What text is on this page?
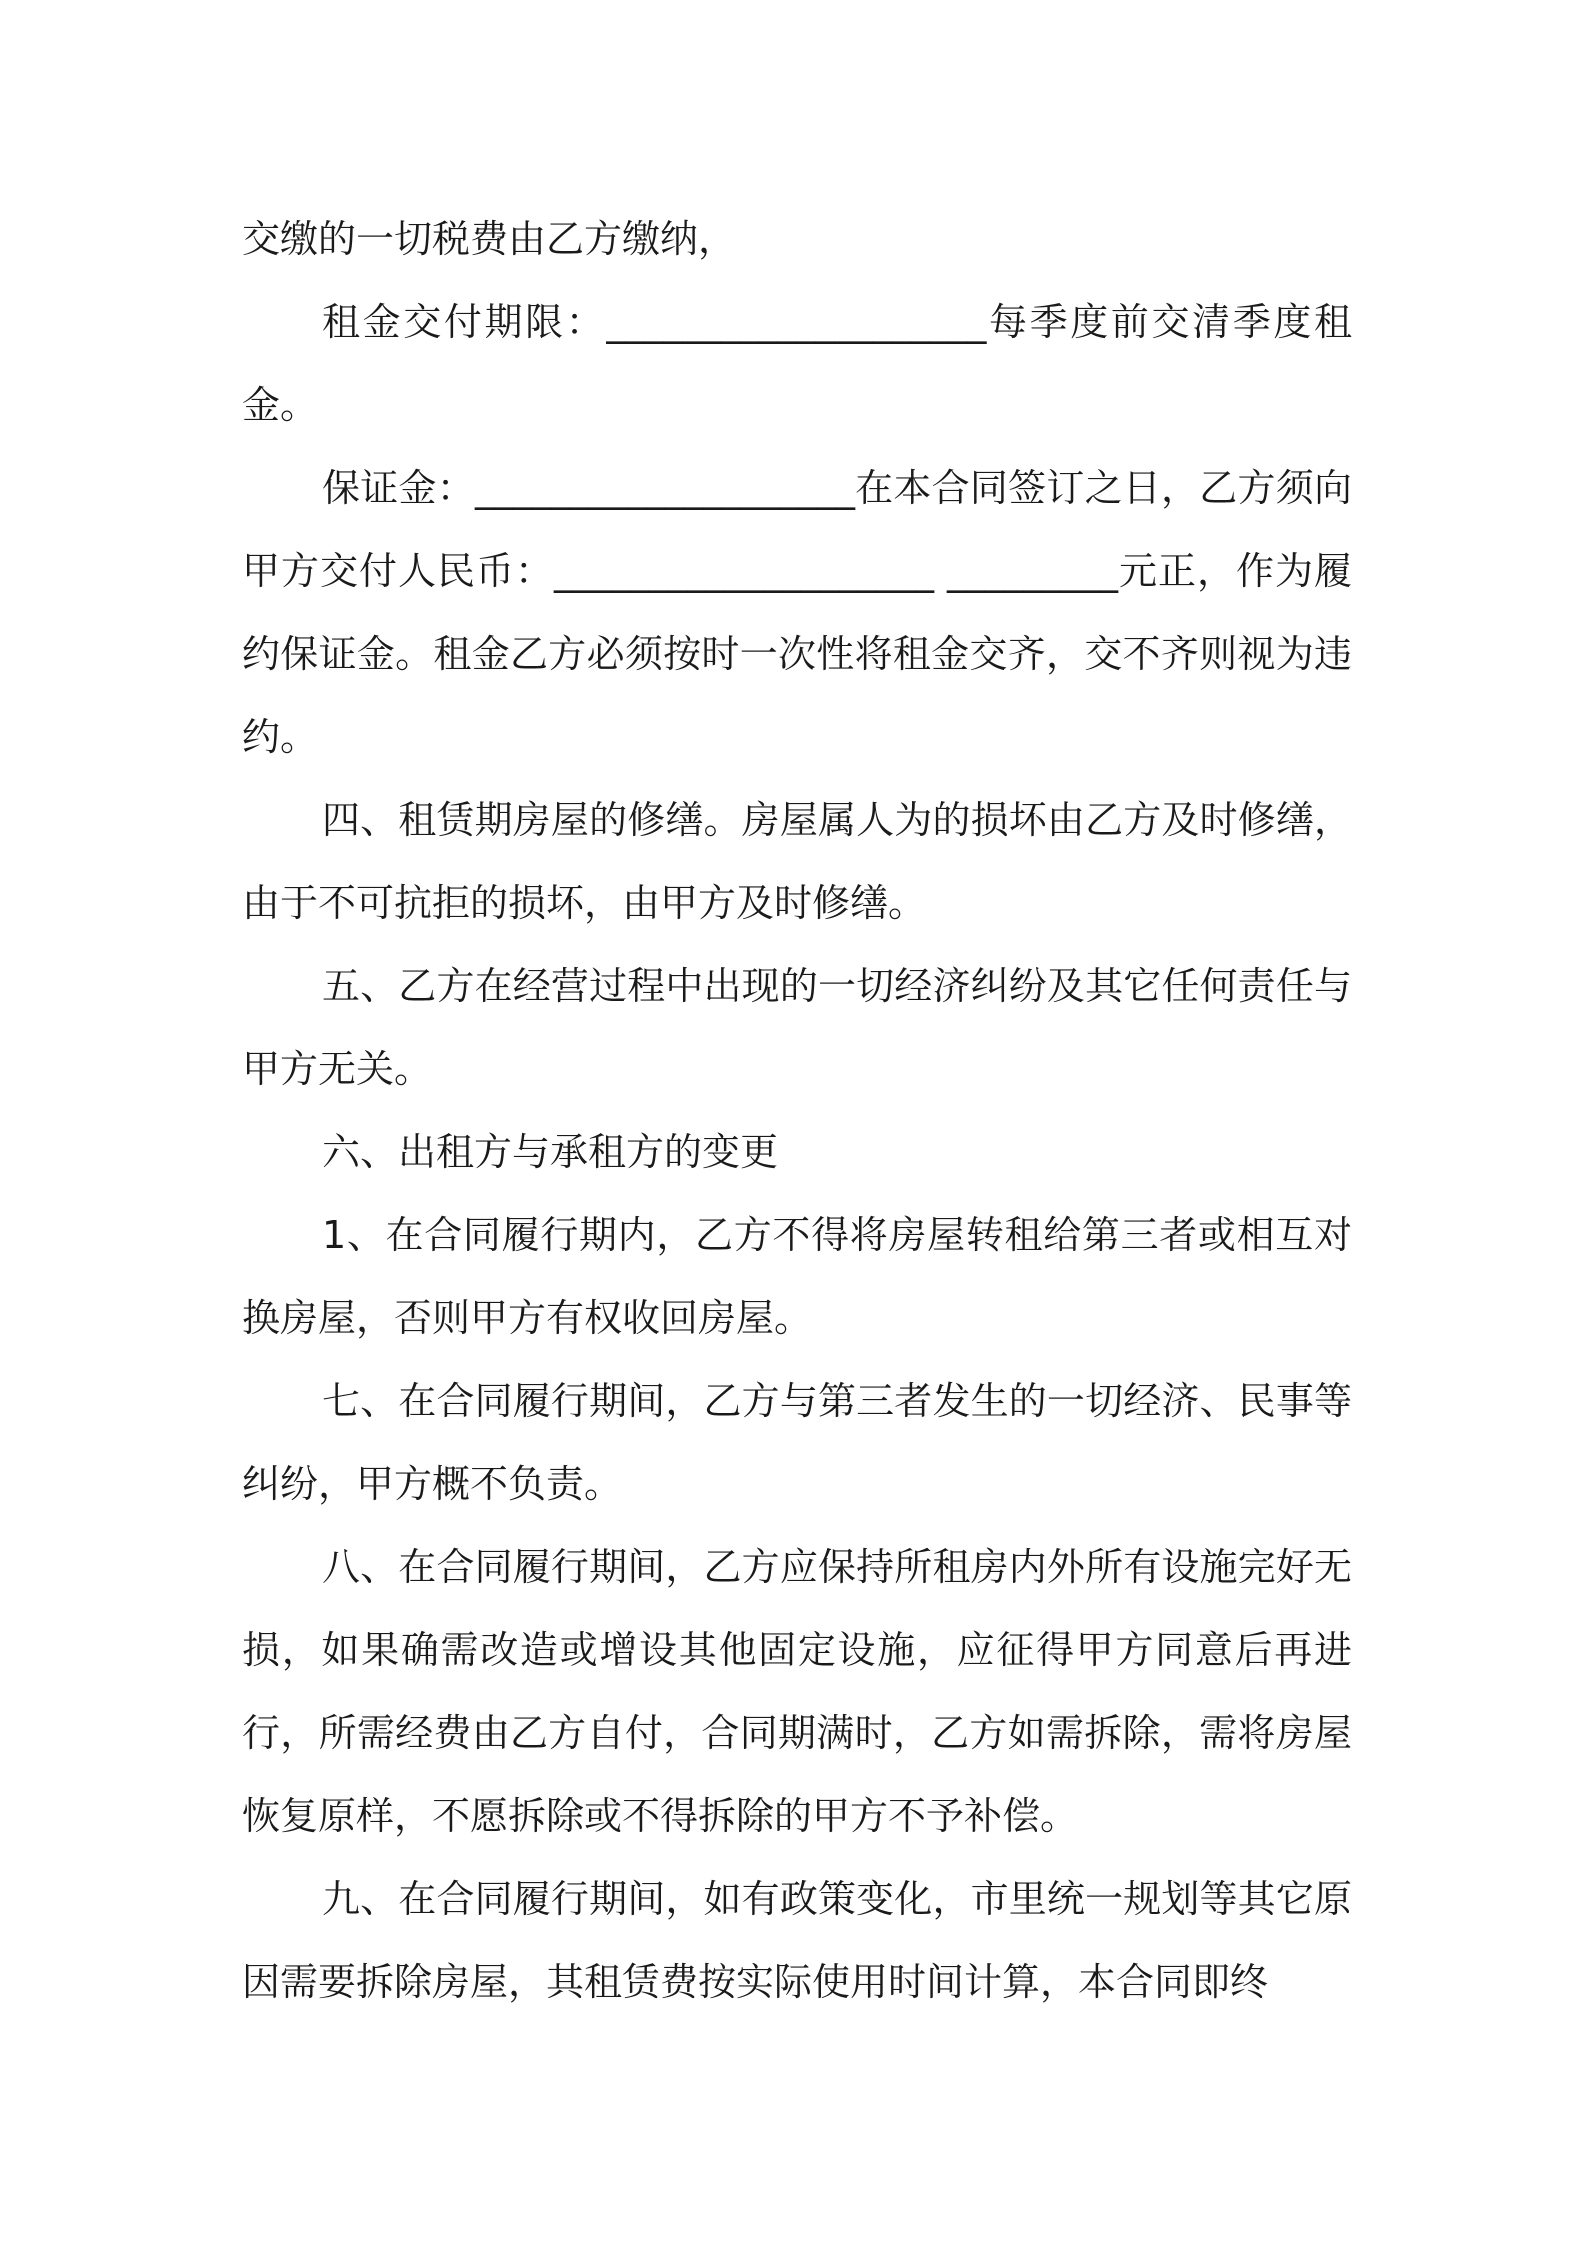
交缴的一切税费由乙方缴纳，

租金交付期限：____________________每季度前交清季度租金。

保证金：____________________在本合同签订之日，乙方须向甲方交付人民币：____________________ _________元正，作为履约保证金。租金乙方必须按时一次性将租金交齐，交不齐则视为违约。

四、租赁期房屋的修缮。房屋属人为的损坏由乙方及时修缮，由于不可抗拒的损坏，由甲方及时修缮。

五、乙方在经营过程中出现的一切经济纠纷及其它任何责任与甲方无关。

六、出租方与承租方的变更

1、在合同履行期内，乙方不得将房屋转租给第三者或相互对换房屋，否则甲方有权收回房屋。

七、在合同履行期间，乙方与第三者发生的一切经济、民事等纠纷，甲方概不负责。

八、在合同履行期间，乙方应保持所租房内外所有设施完好无损，如果确需改造或增设其他固定设施，应征得甲方同意后再进行，所需经费由乙方自付，合同期满时，乙方如需拆除，需将房屋恢复原样，不愿拆除或不得拆除的甲方不予补偿。

九、在合同履行期间，如有政策变化，市里统一规划等其它原因需要拆除房屋，其租赁费按实际使用时间计算，本合同即终
